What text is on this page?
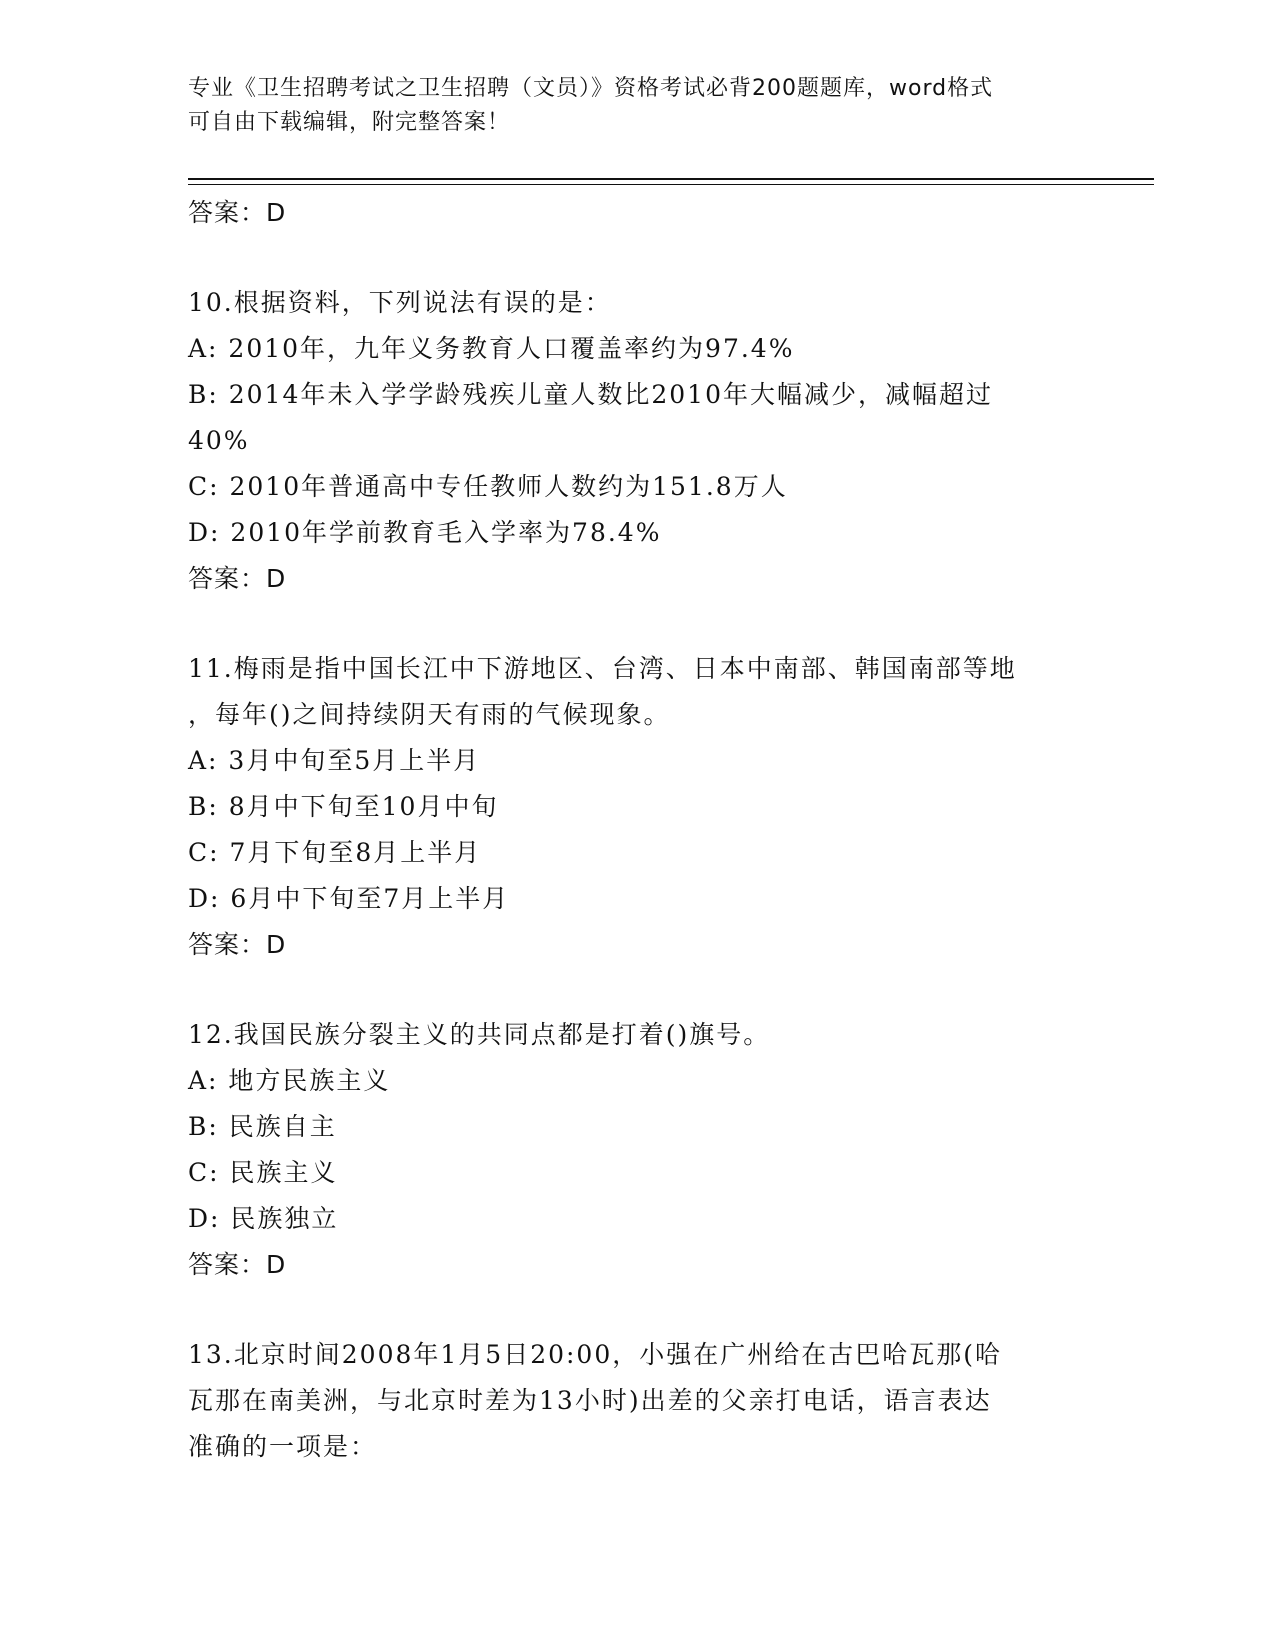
专业《卫生招聘考试之卫生招聘（文员）》资格考试必背200题题库，word格式
可自由下载编辑，附完整答案！

答案：D

10.根据资料，下列说法有误的是：

A: 2010年，九年义务教育人口覆盖率约为97.4%

B: 2014年未入学学龄残疾儿童人数比2010年大幅减少，减幅超过

40%

C: 2010年普通高中专任教师人数约为151.8万人

D: 2010年学前教育毛入学率为78.4%

答案：D

11.梅雨是指中国长江中下游地区、台湾、日本中南部、韩国南部等地

，每年()之间持续阴天有雨的气候现象。

A: 3月中旬至5月上半月

B: 8月中下旬至10月中旬

C: 7月下旬至8月上半月

D: 6月中下旬至7月上半月

答案：D

12.我国民族分裂主义的共同点都是打着()旗号。

A: 地方民族主义

B: 民族自主

C: 民族主义

D: 民族独立

答案：D

13.北京时间2008年1月5日20:00，小强在广州给在古巴哈瓦那(哈

瓦那在南美洲，与北京时差为13小时)出差的父亲打电话，语言表达

准确的一项是：
